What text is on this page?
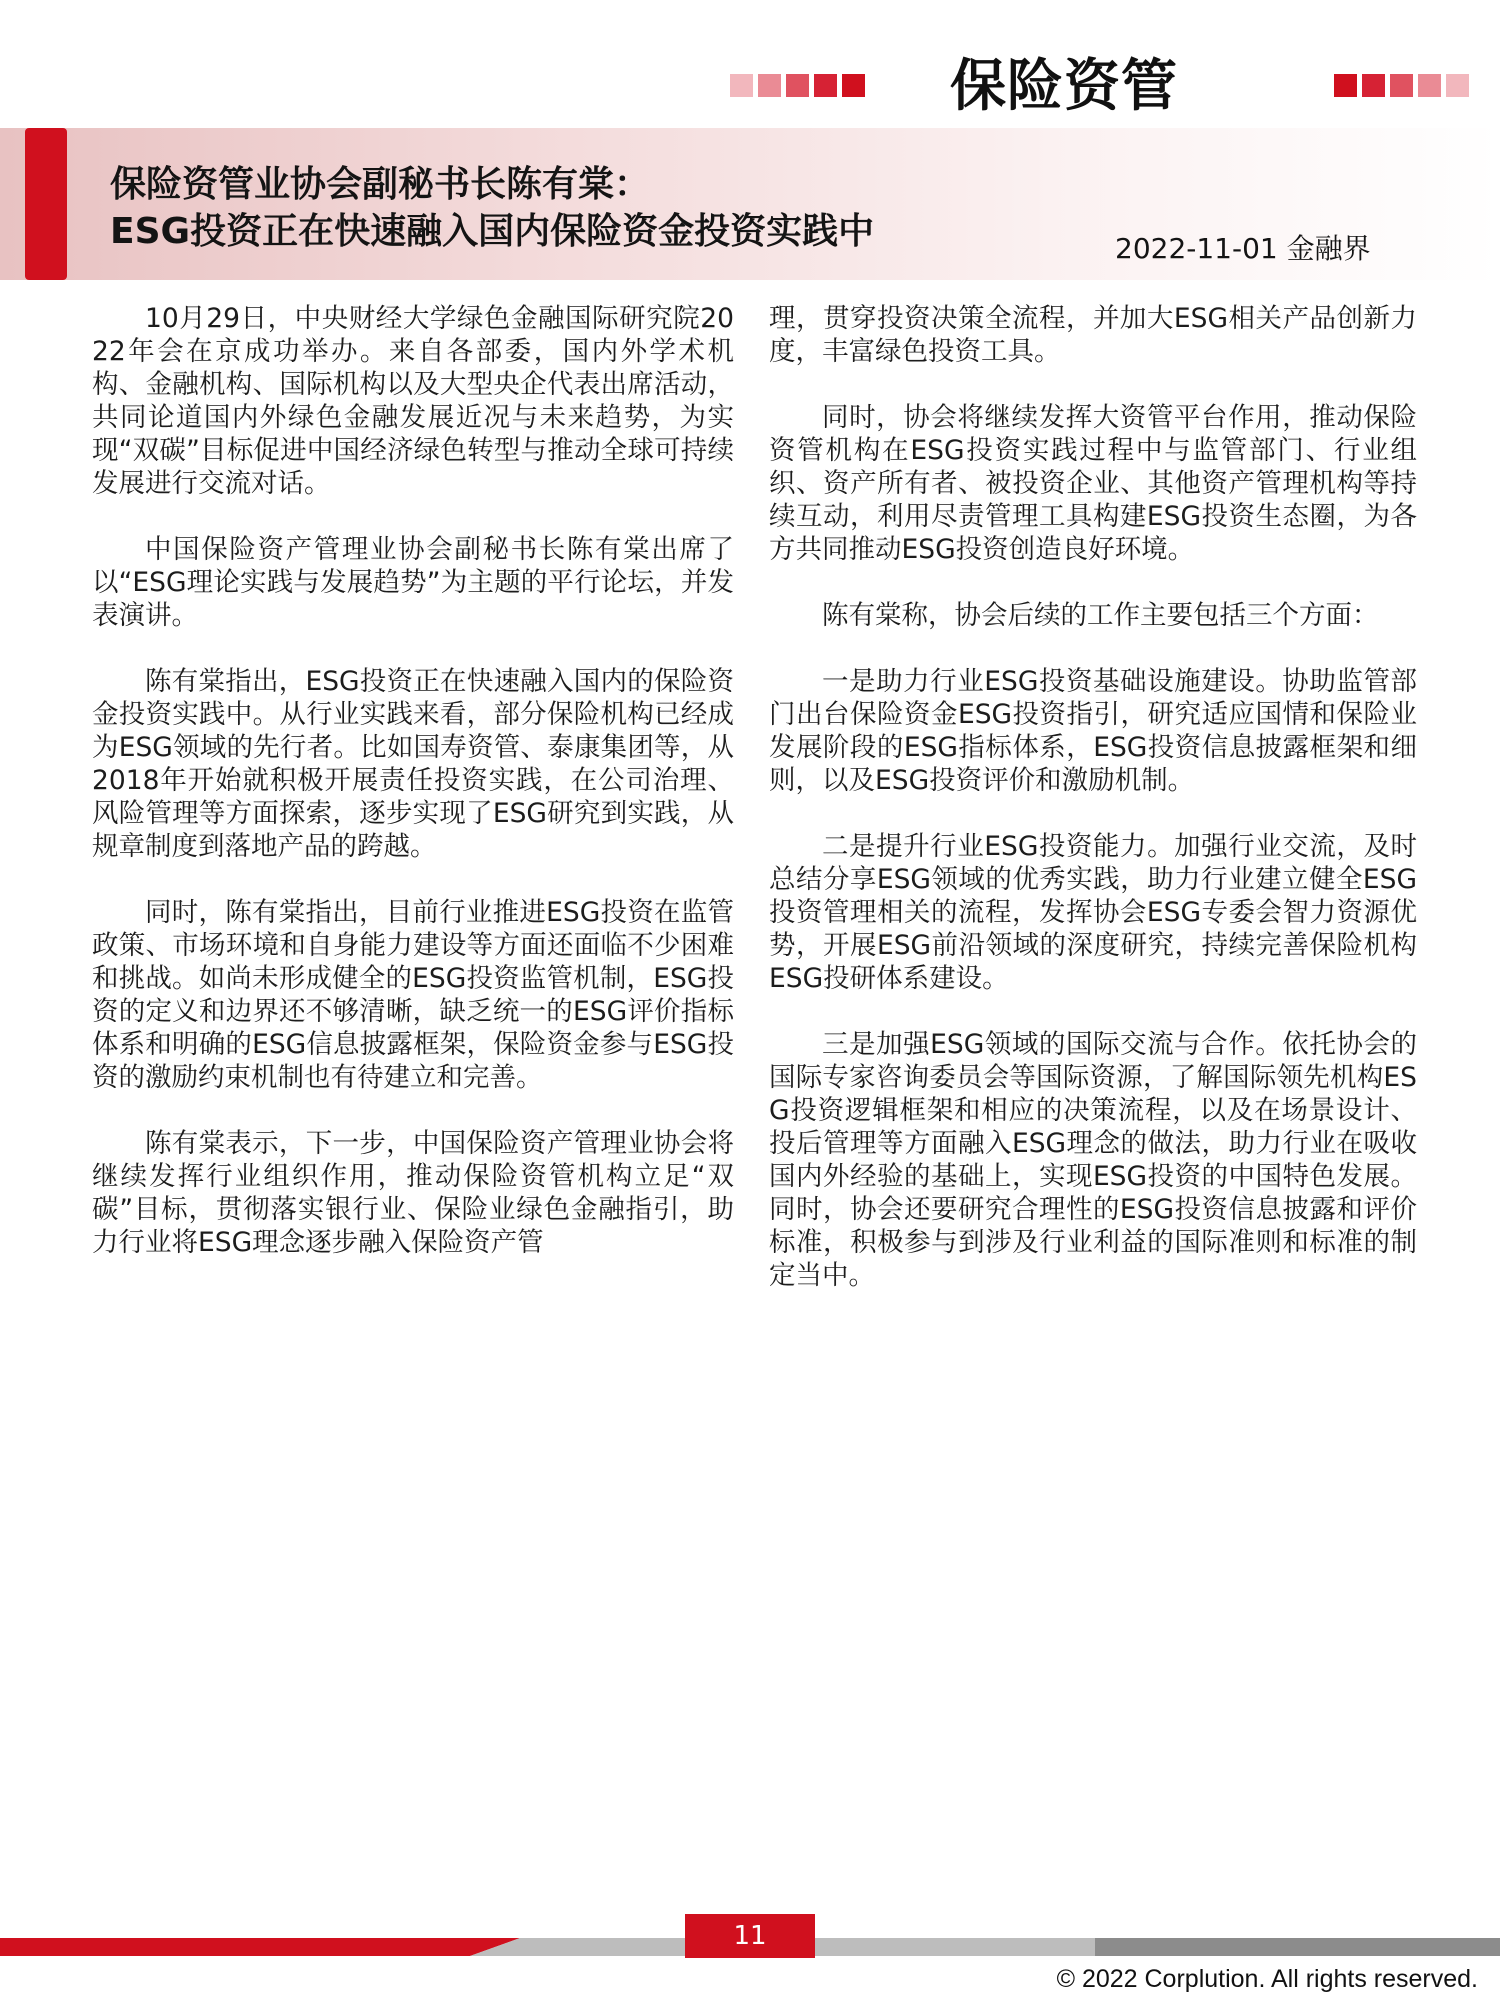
保险资管
保险资管业协会副秘书长陈有棠：
ESG投资正在快速融入国内保险资金投资实践中	2022-11-01 金融界

10月29日，中央财经大学绿色金融国际研究院2022年会在京成功举办。来自各部委，国内外学术机构、金融机构、国际机构以及大型央企代表出席活动，共同论道国内外绿色金融发展近况与未来趋势，为实现“双碳”目标促进中国经济绿色转型与推动全球可持续发展进行交流对话。

中国保险资产管理业协会副秘书长陈有棠出席了以“ESG理论实践与发展趋势”为主题的平行论坛，并发表演讲。

陈有棠指出，ESG投资正在快速融入国内的保险资金投资实践中。从行业实践来看，部分保险机构已经成为ESG领域的先行者。比如国寿资管、泰康集团等，从2018年开始就积极开展责任投资实践，在公司治理、风险管理等方面探索，逐步实现了ESG研究到实践，从规章制度到落地产品的跨越。

同时，陈有棠指出，目前行业推进ESG投资在监管政策、市场环境和自身能力建设等方面还面临不少困难和挑战。如尚未形成健全的ESG投资监管机制，ESG投资的定义和边界还不够清晰，缺乏统一的ESG评价指标体系和明确的ESG信息披露框架，保险资金参与ESG投资的激励约束机制也有待建立和完善。

陈有棠表示，下一步，中国保险资产管理业协会将继续发挥行业组织作用，推动保险资管机构立足“双碳”目标，贯彻落实银行业、保险业绿色金融指引，助力行业将ESG理念逐步融入保险资产管

理，贯穿投资决策全流程，并加大ESG相关产品创新力度，丰富绿色投资工具。

同时，协会将继续发挥大资管平台作用，推动保险资管机构在ESG投资实践过程中与监管部门、行业组织、资产所有者、被投资企业、其他资产管理机构等持续互动，利用尽责管理工具构建ESG投资生态圈，为各方共同推动ESG投资创造良好环境。

陈有棠称，协会后续的工作主要包括三个方面：

一是助力行业ESG投资基础设施建设。协助监管部门出台保险资金ESG投资指引，研究适应国情和保险业发展阶段的ESG指标体系，ESG投资信息披露框架和细则，以及ESG投资评价和激励机制。

二是提升行业ESG投资能力。加强行业交流，及时总结分享ESG领域的优秀实践，助力行业建立健全ESG投资管理相关的流程，发挥协会ESG专委会智力资源优势，开展ESG前沿领域的深度研究，持续完善保险机构ESG投研体系建设。

三是加强ESG领域的国际交流与合作。依托协会的国际专家咨询委员会等国际资源，了解国际领先机构ESG投资逻辑框架和相应的决策流程，以及在场景设计、投后管理等方面融入ESG理念的做法，助力行业在吸收国内外经验的基础上，实现ESG投资的中国特色发展。同时，协会还要研究合理性的ESG投资信息披露和评价标准，积极参与到涉及行业利益的国际准则和标准的制定当中。

11
© 2022 Corplution. All rights reserved.
